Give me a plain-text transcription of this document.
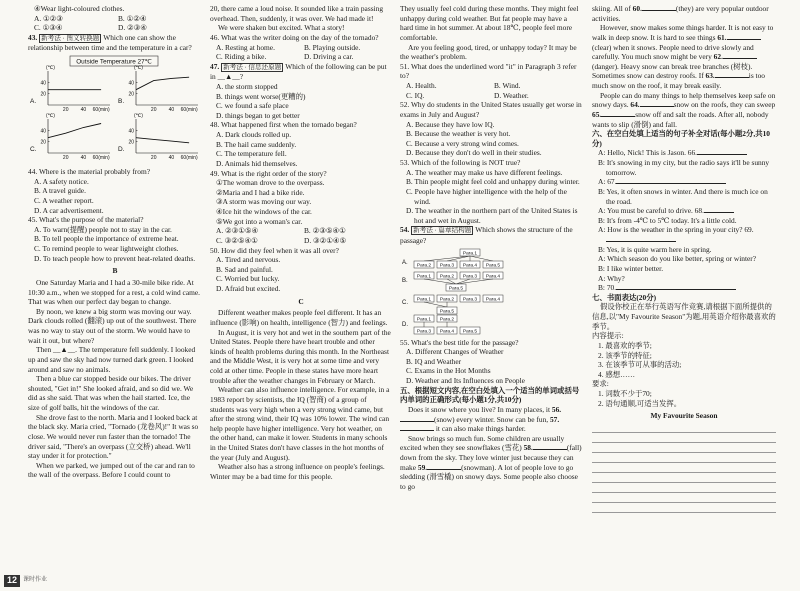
④Wear light-coloured clothes.
A. ①②③	B. ①②④
C. ①③④	D. ②③④
43. 新考法 · 图文转换题 Which one can show the relationship between time and the temperature in a car?
Outside Temperature 27℃
A.
(℃)
40
20
20 40 60(min)
B.
(℃)
40
20
20 40 60(min)
C.
(℃)
40
20
20 40 60(min)
D.
(℃)
40
20
20 40 60(min)
44. Where is the material probably from?
A. A safety notice.
B. A travel guide.
C. A weather report.
D. A car advertisement.
45. What's the purpose of the material?
A. To warn(提醒) people not to stay in the car.
B. To tell people the importance of extreme heat.
C. To remind people to wear lightweight clothes.
D. To teach people how to prevent heat-related deaths.
B

One Saturday Maria and I had a 30-mile bike ride. At 10:30 a.m., when we stopped for a rest, a cold wind came. That was when our perfect day began to change.

By noon, we knew a big storm was moving our way. Dark clouds rolled (翻滚) up out of the southwest. There was no way to stay out of the storm. We would have to wait it out, but where?

Then __▲__. The temperature fell suddenly. I looked up and saw the sky had now turned dark green. I looked around and saw no animals.

Then a blue car stopped beside our bikes. The driver shouted, "Get in!" She looked afraid, and so did we. We did as she said. That was when the hail started. Ice, the size of golf balls, hit the windows of the car.

She drove fast to the north. Maria and I looked back at the black sky. Maria cried, "Tornado (龙卷风)!" It was so close. We would never run faster than the tornado! The driver said, "There's an overpass (立交桥) ahead. We'll stay under it for protection."

When we parked, we jumped out of the car and ran to the wall of the overpass. Before I could count to

20, there came a loud noise. It sounded like a train passing overhead. Then, suddenly, it was over. We had made it!

We were shaken but excited. What a story!

46. What was the writer doing on the day of the tornado?
A. Resting at home.	B. Playing outside.
C. Riding a bike.	D. Driving a car.
47. 新考法 · 信息还原题 Which of the following can be put in __▲__?
A. the storm stopped
B. things went worse(更糟的)
C. we found a safe place
D. things began to get better
48. What happened first when the tornado began?
A. Dark clouds rolled up.
B. The hail came suddenly.
C. The temperature fell.
D. Animals hid themselves.
49. What is the right order of the story?
①The woman drove to the overpass.
②Maria and I had a bike ride.
③A storm was moving our way.
④Ice hit the windows of the car.
⑤We got into a woman's car.
A. ②③①⑤④	B. ②③⑤④①
C. ③②⑤④①	D. ③②①④⑤
50. How did they feel when it was all over?
A. Tired and nervous.
B. Sad and painful.
C. Worried but lucky.
D. Afraid but excited.
C

Different weather makes people feel different. It has an influence (影响) on health, intelligence (智力) and feelings.

In August, it is very hot and wet in the southern part of the United States. People there have heart trouble and other kinds of health problems during this month. In the Northeast and the Middle West, it is very hot at some time and very cold at other time. People in these states have more heart trouble after the weather changes in February or March.

Weather can also influence intelligence. For example, in a 1983 report by scientists, the IQ (智商) of a group of students was very high when a very strong wind came, but after the strong wind, their IQ was 10% lower. The wind can help people have higher intelligence. Very hot weather, on the other hand, can make it lower. Students in many schools in the United States don't have classes in the hot months of the year (July and August).

Weather also has a strong influence on people's feelings. Winter may be a bad time for this people.

They usually feel cold during these months. They might feel unhappy during cold weather. But fat people may have a hard time in hot summer. At about 18℃, people feel more comfortable.

Are you feeling good, tired, or unhappy today? It may be the weather's problem.

51. What does the underlined word "it" in Paragraph 3 refer to?
A. Health.	B. Wind.
C. IQ.	D. Weather.
52. Why do students in the United States usually get worse in exams in July and August?
A. Because they have low IQ.
B. Because the weather is very hot.
C. Because a very strong wind comes.
D. Because they don't do well in their studies.
53. Which of the following is NOT true?
A. The weather may make us have different feelings.
B. Thin people might feel cold and unhappy during winter.
C. People have higher intelligence with the help of the wind.
D. The weather in the northern part of the United States is hot and wet in August.
54. 新考法 · 篇章结构题 Which shows the structure of the passage?
A.
Para.1
Para.2 Para.3 Para.4 Para.5
B.
Para.1 Para.2 Para.3 Para.4
Para.5
C. Para.1 Para.2 Para.3 Para.4
Para.5
D.
Para.1 Para.2
Para.3 Para.4 Para.5
55. What's the best title for the passage?
A. Different Changes of Weather
B. IQ and Weather
C. Exams in the Hot Months
D. Weather and Its Influences on People
五、根据短文内容,在空白处填入一个适当的单词或括号内单词的正确形式(每小题1分,共10分)

Does it snow where you live? In many places, it 56.(snow) every winter. Snow can be fun, 57. it can also make things harder.

Snow brings so much fun. Some children are usually excited when they see snowflakes (雪花) 58.	(fall) down from the sky. They love winter just because they can make 59.	(snowman). A lot of people love to go sledding (滑雪橇) on snowy days. Some people also choose to go

skiing. All of 60.	(they) are very popular outdoor activities.

However, snow makes some things harder. It is not easy to walk in deep snow. It is hard to see things 61.(clear) when it snows. People need to drive slowly and carefully. You much snow might be very 62.(danger). Heavy snow can break tree branches (树枝). Sometimes snow can destroy roofs. If 63.	is too much snow on the roof, it may break easily.

People can do many things to help themselves keep safe on snowy days. 64.	snow on the roofs, they can sweep 65.	snow off and salt the roads. After all, nobody wants to slip (滑倒) and fall.

六、在空白处填上适当的句子补全对话(每小题2分,共10分)
A: Hello, Nick! This is Jason. 66.
B: It's snowing in my city, but the radio says it'll be sunny tomorrow.
A: 67.
B: Yes, it often snows in winter. And there is much ice on the road.
A: You must be careful to drive. 68.
B: It's from -4℃ to 5℃ today. It's a little cold.
A: How is the weather in the spring in your city? 69.
B: Yes, it is quite warm here in spring.
A: Which season do you like better, spring or winter?
B: I like winter better.
A: Why?
B: 70.
七、书面表达(20分)

假设你校正在举行英语写作竞赛,请根据下面所提供的信息,以"My Favourite Season"为题,用英语介绍你最喜欢的季节。

内容提示:
1. 最喜欢的季节;
2. 该季节的特征;
3. 在该季节可从事的活动;
4. 感想……
要求:
1. 词数不少于70;
2. 语句通顺,可适当发挥。
My Favourite Season
12	课时作业
